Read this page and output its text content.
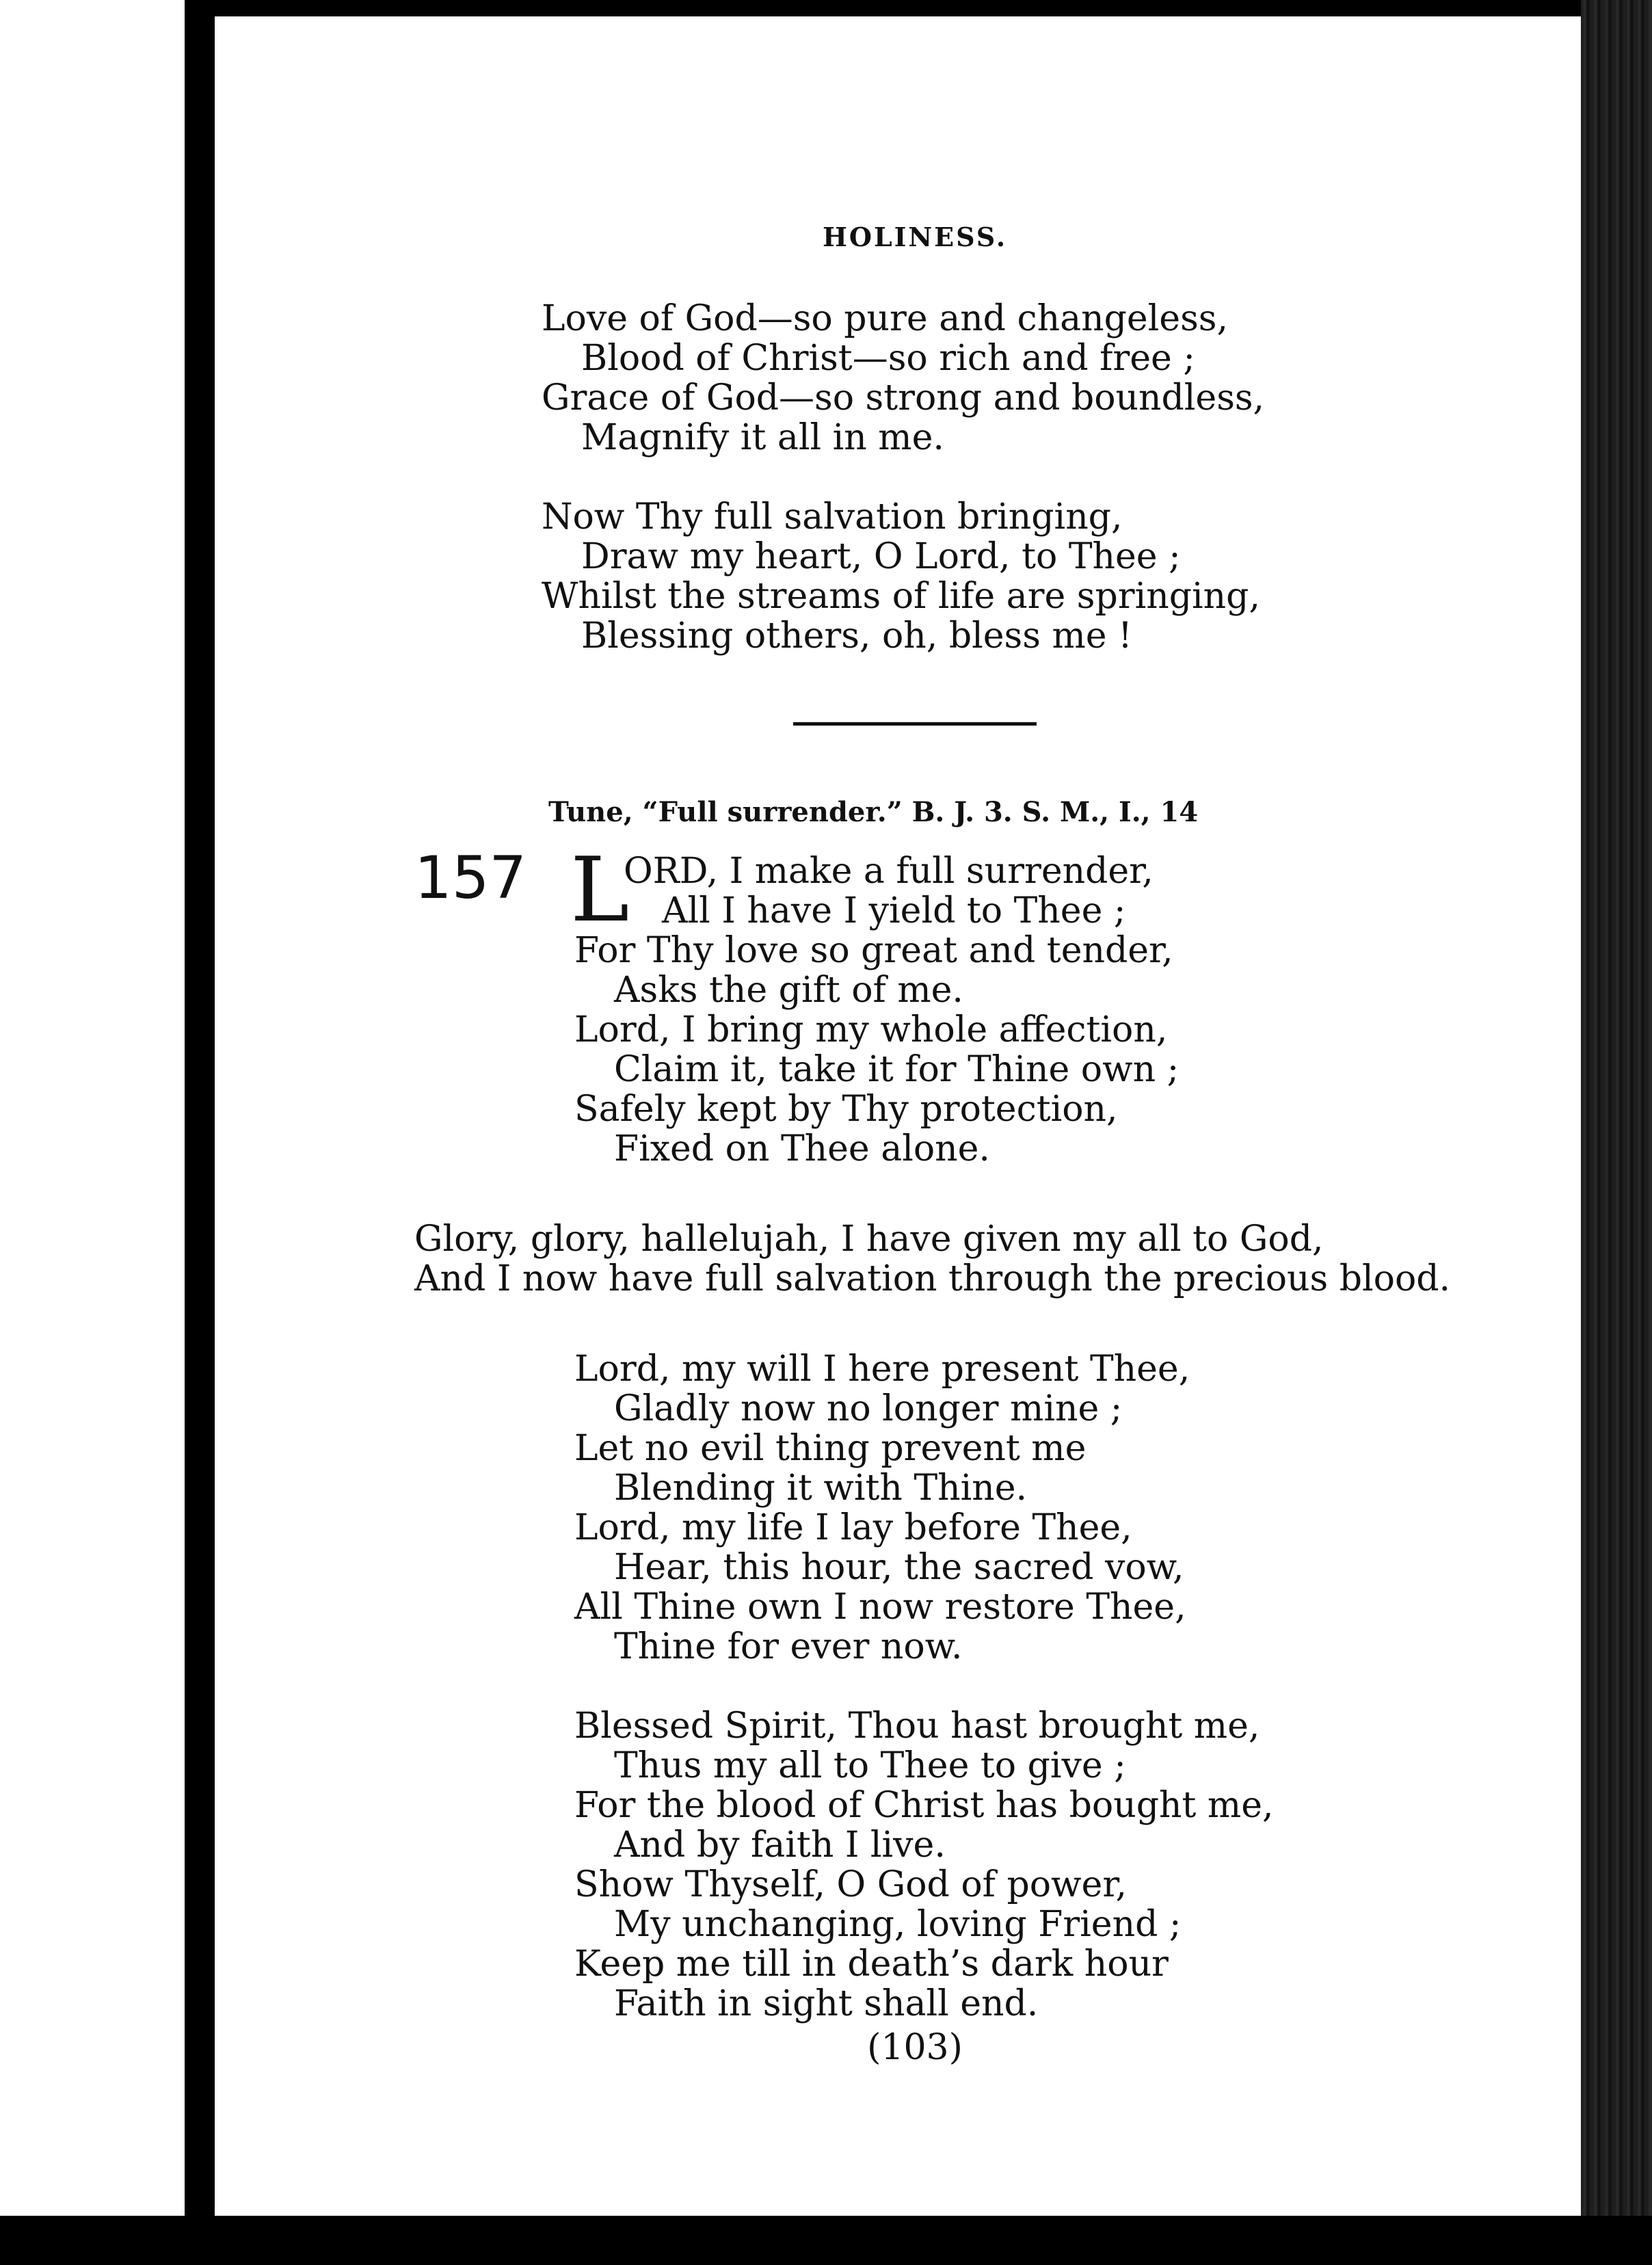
HOLINESS.
Love of God—so pure and changeless,
Blood of Christ—so rich and free ;
Grace of God—so strong and boundless,
Magnify it all in me.
Now Thy full salvation bringing,
Draw my heart, O Lord, to Thee ;
Whilst the streams of life are springing,
Blessing others, oh, bless me !
Tune, “Full surrender.” B. J. 3. S. M., I., 14
157 L
ORD, I make a full surrender,
All I have I yield to Thee ;
For Thy love so great and tender,
Asks the gift of me.
Lord, I bring my whole affection,
Claim it, take it for Thine own ;
Safely kept by Thy protection,
Fixed on Thee alone.
Glory, glory, hallelujah, I have given my all to God,
And I now have full salvation through the precious blood.
Lord, my will I here present Thee,
Gladly now no longer mine ;
Let no evil thing prevent me
Blending it with Thine.
Lord, my life I lay before Thee,
Hear, this hour, the sacred vow,
All Thine own I now restore Thee,
Thine for ever now.
Blessed Spirit, Thou hast brought me,
Thus my all to Thee to give ;
For the blood of Christ has bought me,
And by faith I live.
Show Thyself, O God of power,
My unchanging, loving Friend ;
Keep me till in death’s dark hour
Faith in sight shall end.
(103)
